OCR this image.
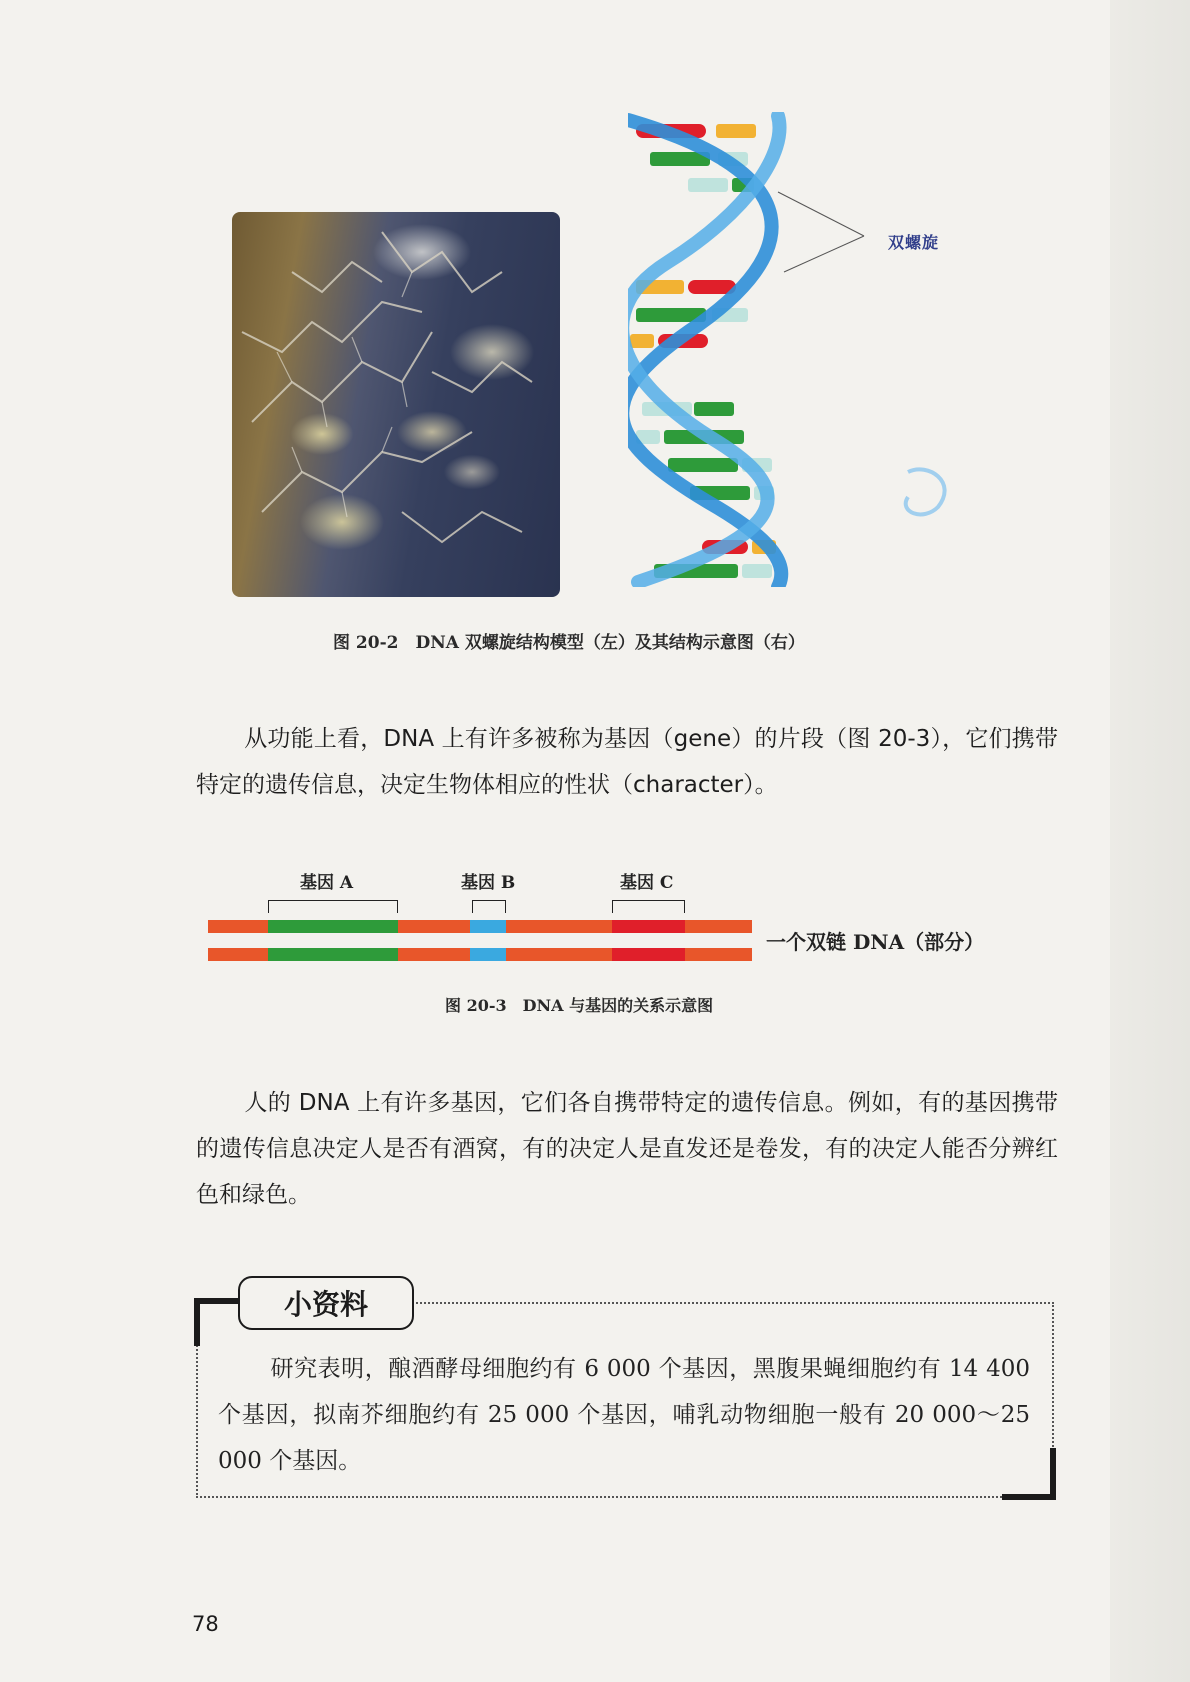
双螺旋
图 20-2　DNA 双螺旋结构模型（左）及其结构示意图（右）

从功能上看，DNA 上有许多被称为基因（gene）的片段（图 20-3），它们携带特定的遗传信息，决定生物体相应的性状（character）。

基因 A	基因 B	基因 C
一个双链 DNA（部分）
图 20-3　DNA 与基因的关系示意图

人的 DNA 上有许多基因，它们各自携带特定的遗传信息。例如，有的基因携带的遗传信息决定人是否有酒窝，有的决定人是直发还是卷发，有的决定人能否分辨红色和绿色。

小资料

研究表明，酿酒酵母细胞约有 6 000 个基因，黑腹果蝇细胞约有 14 400 个基因，拟南芥细胞约有 25 000 个基因，哺乳动物细胞一般有 20 000～25 000 个基因。

78
